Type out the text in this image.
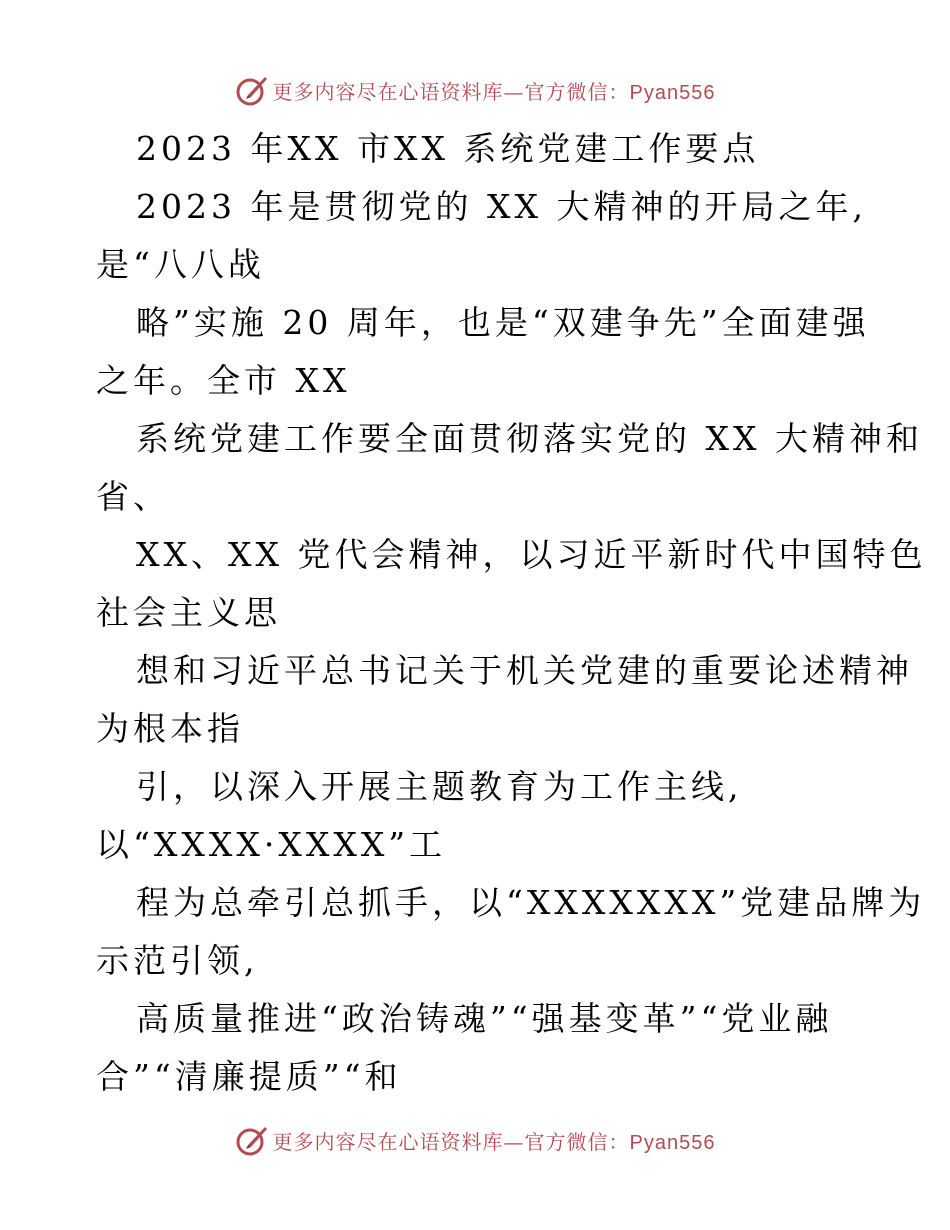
更多内容尽在心语资料库—官方微信：Pyan556
2023 年XX 市XX 系统党建工作要点
2023 年是贯彻党的 XX 大精神的开局之年,
是“八八战
略”实施 20 周年，也是“双建争先”全面建强
之年。全市 XX
系统党建工作要全面贯彻落实党的 XX 大精神和
省、
XX、XX 党代会精神，以习近平新时代中国特色
社会主义思
想和习近平总书记关于机关党建的重要论述精神
为根本指
引，以深入开展主题教育为工作主线,
以“XXXX·XXXX”工
程为总牵引总抓手，以“XXXXXXX”党建品牌为
示范引领,
高质量推进“政治铸魂”“强基变革”“党业融
合”“清廉提质”“和
更多内容尽在心语资料库—官方微信：Pyan556
